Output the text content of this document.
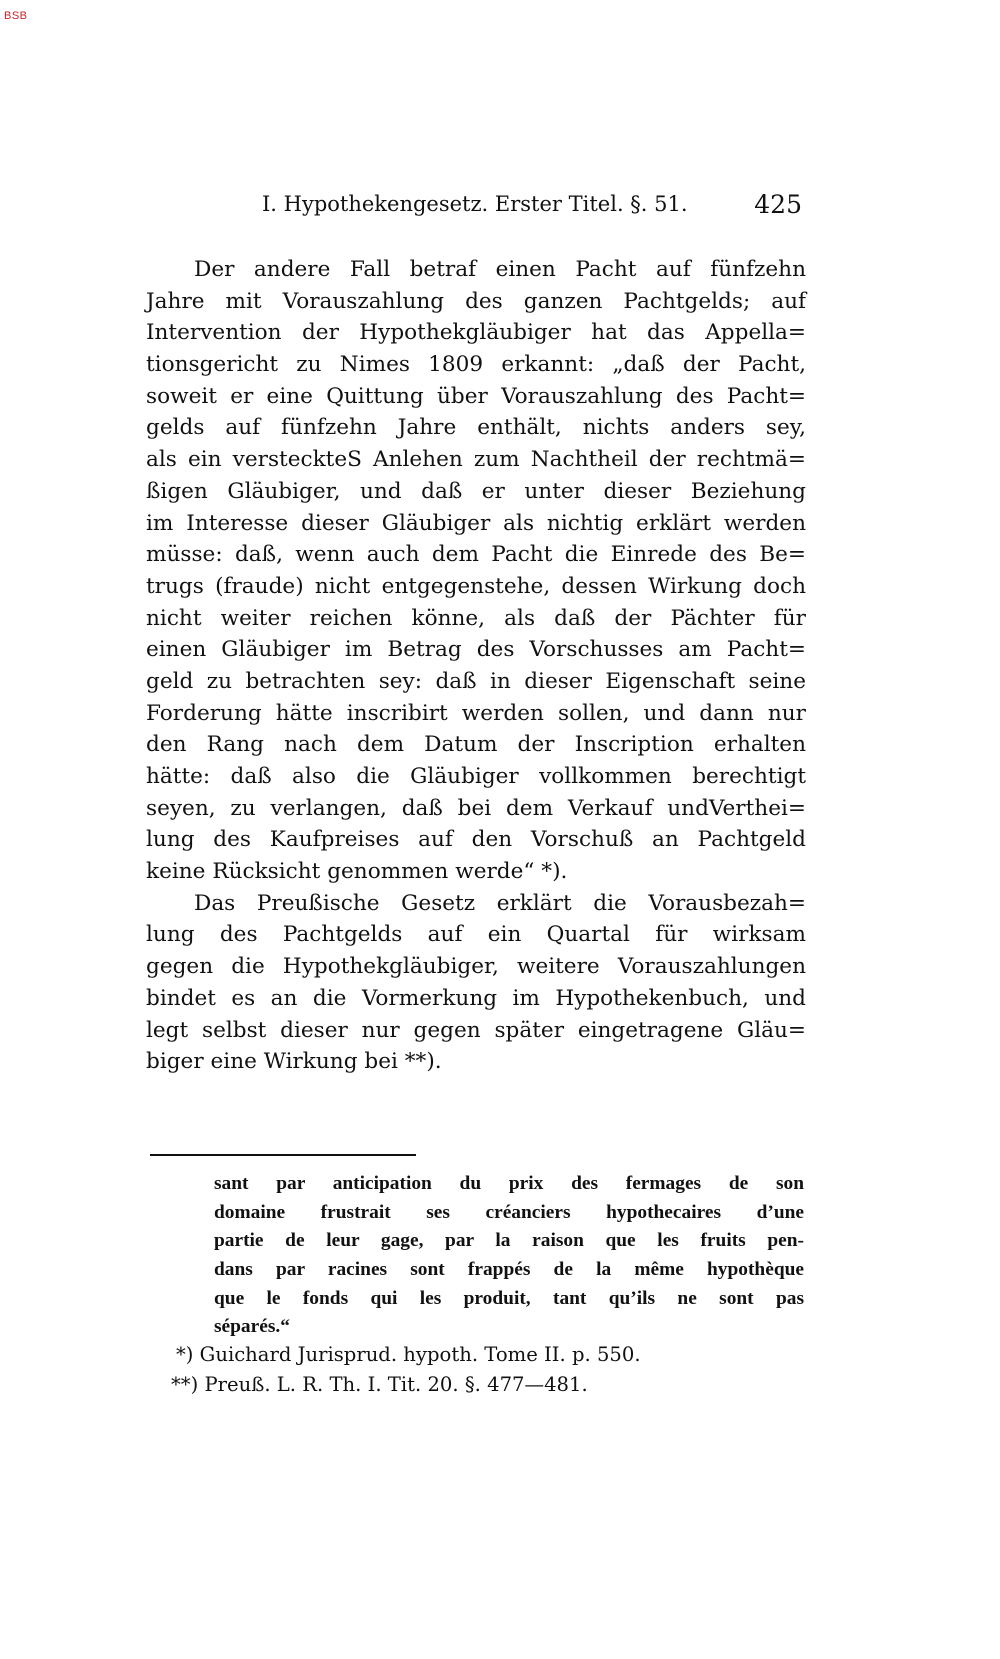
BSB
I. Hypothekengesetz. Erster Titel. §. 51.	425
Der andere Fall betraf einen Pacht auf fünfzehn
Jahre mit Vorauszahlung des ganzen Pachtgelds; auf
Intervention der Hypothekgläubiger hat das Appella=
tionsgericht zu Nimes 1809 erkannt: „daß der Pacht,
soweit er eine Quittung über Vorauszahlung des Pacht=
gelds auf fünfzehn Jahre enthält, nichts anders sey,
als ein versteckteS Anlehen zum Nachtheil der rechtmä=
ßigen Gläubiger, und daß er unter dieser Beziehung
im Interesse dieser Gläubiger als nichtig erklärt werden
müsse: daß, wenn auch dem Pacht die Einrede des Be=
trugs (fraude) nicht entgegenstehe, dessen Wirkung doch
nicht weiter reichen könne, als daß der Pächter für
einen Gläubiger im Betrag des Vorschusses am Pacht=
geld zu betrachten sey: daß in dieser Eigenschaft seine
Forderung hätte inscribirt werden sollen, und dann nur
den Rang nach dem Datum der Inscription erhalten
hätte: daß also die Gläubiger vollkommen berechtigt
seyen, zu verlangen, daß bei dem Verkauf undVerthei=
lung des Kaufpreises auf den Vorschuß an Pachtgeld
keine Rücksicht genommen werde“ *).
Das Preußische Gesetz erklärt die Vorausbezah=
lung des Pachtgelds auf ein Quartal für wirksam
gegen die Hypothekgläubiger, weitere Vorauszahlungen
bindet es an die Vormerkung im Hypothekenbuch, und
legt selbst dieser nur gegen später eingetragene Gläu=
biger eine Wirkung bei **).
sant par anticipation du prix des fermages de son
domaine frustrait ses créanciers hypothecaires d’une
partie de leur gage, par la raison que les fruits pen-
dans par racines sont frappés de la même hypothèque
que le fonds qui les produit, tant qu’ils ne sont pas
séparés.“
*) Guichard Jurisprud. hypoth. Tome II. p. 550.
**) Preuß. L. R. Th. I. Tit. 20. §. 477—481.
